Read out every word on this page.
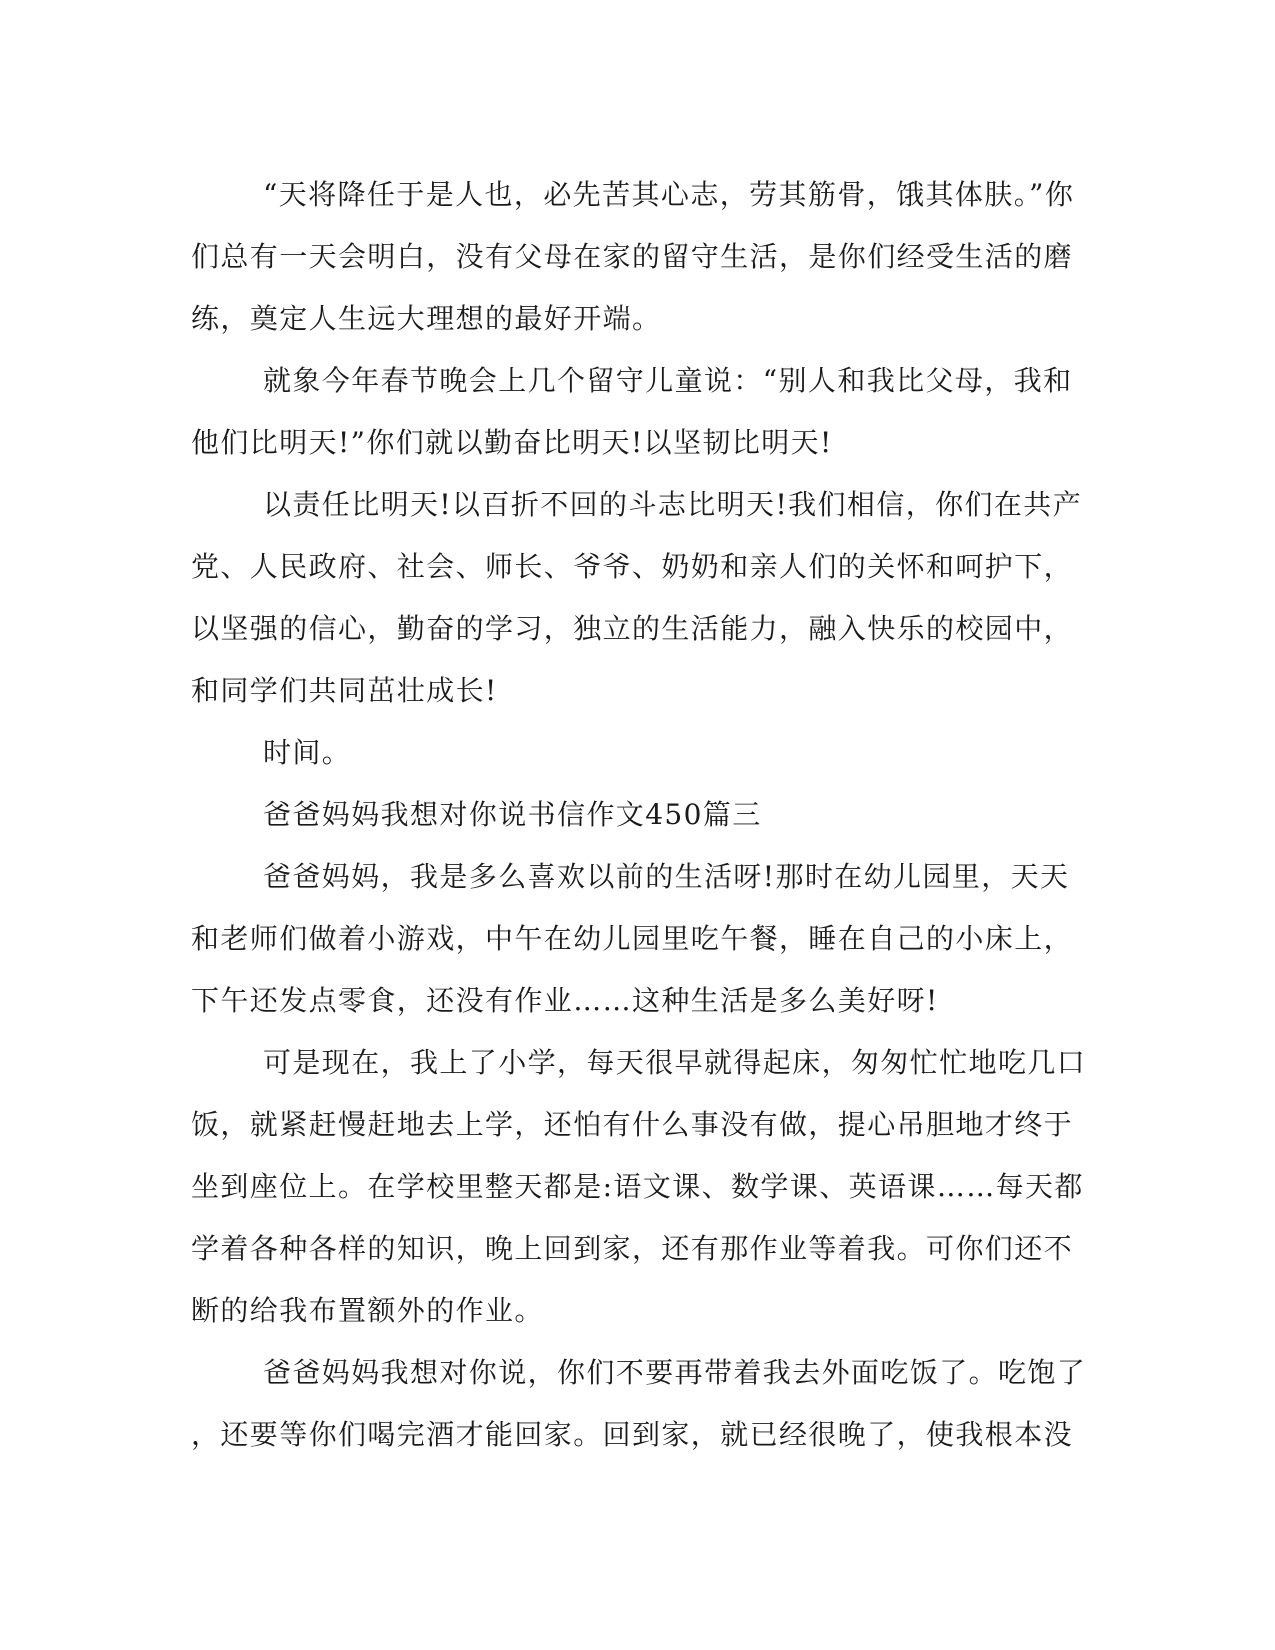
“天将降任于是人也，必先苦其心志，劳其筋骨，饿其体肤。”你
们总有一天会明白，没有父母在家的留守生活，是你们经受生活的磨
练，奠定人生远大理想的最好开端。
就象今年春节晚会上几个留守儿童说：“别人和我比父母，我和
他们比明天!”你们就以勤奋比明天!以坚韧比明天!
以责任比明天!以百折不回的斗志比明天!我们相信，你们在共产
党、人民政府、社会、师长、爷爷、奶奶和亲人们的关怀和呵护下，
以坚强的信心，勤奋的学习，独立的生活能力，融入快乐的校园中，
和同学们共同茁壮成长!
时间。
爸爸妈妈我想对你说书信作文450篇三
爸爸妈妈，我是多么喜欢以前的生活呀!那时在幼儿园里，天天
和老师们做着小游戏，中午在幼儿园里吃午餐，睡在自己的小床上，
下午还发点零食，还没有作业……这种生活是多么美好呀!
可是现在，我上了小学，每天很早就得起床，匆匆忙忙地吃几口
饭，就紧赶慢赶地去上学，还怕有什么事没有做，提心吊胆地才终于
坐到座位上。在学校里整天都是:语文课、数学课、英语课……每天都
学着各种各样的知识，晚上回到家，还有那作业等着我。可你们还不
断的给我布置额外的作业。
爸爸妈妈我想对你说，你们不要再带着我去外面吃饭了。吃饱了
，还要等你们喝完酒才能回家。回到家，就已经很晚了，使我根本没
